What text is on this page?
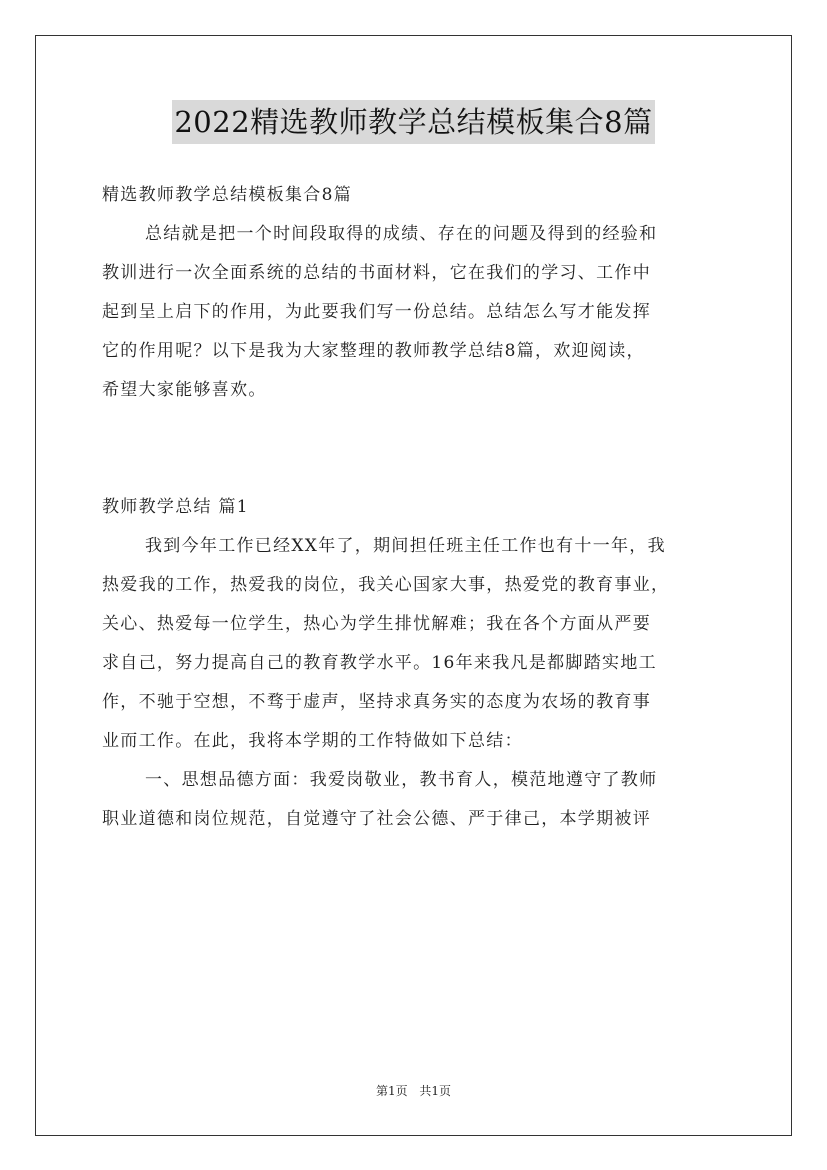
2022精选教师教学总结模板集合8篇
精选教师教学总结模板集合8篇
总结就是把一个时间段取得的成绩、存在的问题及得到的经验和
教训进行一次全面系统的总结的书面材料，它在我们的学习、工作中
起到呈上启下的作用，为此要我们写一份总结。总结怎么写才能发挥
它的作用呢？以下是我为大家整理的教师教学总结8篇，欢迎阅读，
希望大家能够喜欢。
教师教学总结 篇1
我到今年工作已经XX年了，期间担任班主任工作也有十一年，我
热爱我的工作，热爱我的岗位，我关心国家大事，热爱党的教育事业，
关心、热爱每一位学生，热心为学生排忧解难；我在各个方面从严要
求自己，努力提高自己的教育教学水平。16年来我凡是都脚踏实地工
作，不驰于空想，不骛于虚声，坚持求真务实的态度为农场的教育事
业而工作。在此，我将本学期的工作特做如下总结：
一、思想品德方面：我爱岗敬业，教书育人，模范地遵守了教师
职业道德和岗位规范，自觉遵守了社会公德、严于律己，本学期被评
第1页 共1页
